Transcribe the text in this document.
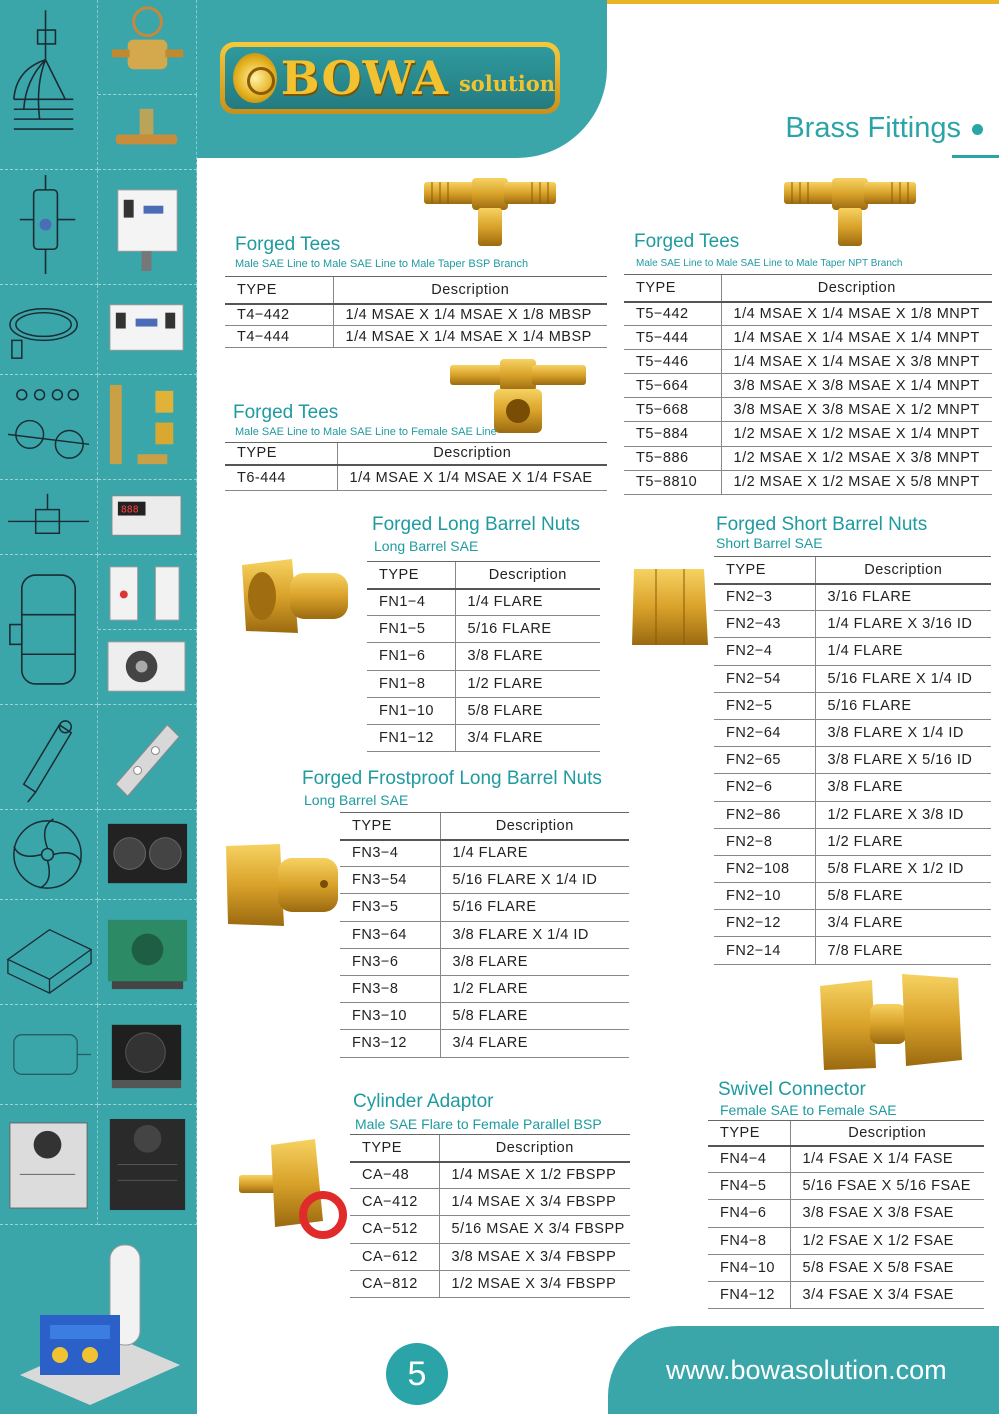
888
BOWA solution
Brass Fittings
Forged Tees
Male SAE Line to Male SAE Line to Male Taper BSP Branch
TYPE	Description
T4−442	1/4 MSAE X 1/4 MSAE X 1/8 MBSP
T4−444	1/4 MSAE X 1/4 MSAE X 1/4 MBSP
Forged Tees
Male SAE Line to Male SAE Line to Female SAE Line
TYPE	Description
T6-444	1/4 MSAE X 1/4 MSAE X 1/4 FSAE
Forged Tees
Male SAE Line to Male SAE Line to Male Taper NPT Branch
TYPE	Description
T5−442	1/4 MSAE X 1/4 MSAE X 1/8 MNPT
T5−444	1/4 MSAE X 1/4 MSAE X 1/4 MNPT
T5−446	1/4 MSAE X 1/4 MSAE X 3/8 MNPT
T5−664	3/8 MSAE X 3/8 MSAE X 1/4 MNPT
T5−668	3/8 MSAE X 3/8 MSAE X 1/2 MNPT
T5−884	1/2 MSAE X 1/2 MSAE X 1/4 MNPT
T5−886	1/2 MSAE X 1/2 MSAE X 3/8 MNPT
T5−8810	1/2 MSAE X 1/2 MSAE X 5/8 MNPT
Forged Long Barrel Nuts
Long Barrel SAE
TYPE	Description
FN1−4	1/4 FLARE
FN1−5	5/16 FLARE
FN1−6	3/8 FLARE
FN1−8	1/2 FLARE
FN1−10	5/8 FLARE
FN1−12	3/4 FLARE
Forged Short Barrel Nuts
Short Barrel SAE
TYPE	Description
FN2−3	3/16 FLARE
FN2−43	1/4 FLARE X 3/16 ID
FN2−4	1/4 FLARE
FN2−54	5/16 FLARE X 1/4 ID
FN2−5	5/16 FLARE
FN2−64	3/8 FLARE X 1/4 ID
FN2−65	3/8 FLARE X 5/16 ID
FN2−6	3/8 FLARE
FN2−86	1/2 FLARE X 3/8 ID
FN2−8	1/2 FLARE
FN2−108	5/8 FLARE X 1/2 ID
FN2−10	5/8 FLARE
FN2−12	3/4 FLARE
FN2−14	7/8 FLARE
Forged Frostproof Long Barrel Nuts
Long Barrel SAE
TYPE	Description
FN3−4	1/4 FLARE
FN3−54	5/16 FLARE X 1/4 ID
FN3−5	5/16 FLARE
FN3−64	3/8 FLARE X 1/4 ID
FN3−6	3/8 FLARE
FN3−8	1/2 FLARE
FN3−10	5/8 FLARE
FN3−12	3/4 FLARE
Cylinder Adaptor
Male SAE Flare to Female Parallel BSP
TYPE	Description
CA−48	1/4 MSAE X 1/2 FBSPP
CA−412	1/4 MSAE X 3/4 FBSPP
CA−512	5/16 MSAE X 3/4 FBSPP
CA−612	3/8 MSAE X 3/4 FBSPP
CA−812	1/2 MSAE X 3/4 FBSPP
Swivel Connector
Female SAE to Female SAE
TYPE	Description
FN4−4	1/4 FSAE X 1/4 FASE
FN4−5	5/16 FSAE X 5/16 FSAE
FN4−6	3/8 FSAE X 3/8 FSAE
FN4−8	1/2 FSAE X 1/2 FSAE
FN4−10	5/8 FSAE X 5/8 FSAE
FN4−12	3/4 FSAE X 3/4 FSAE
5	www.bowasolution.com
